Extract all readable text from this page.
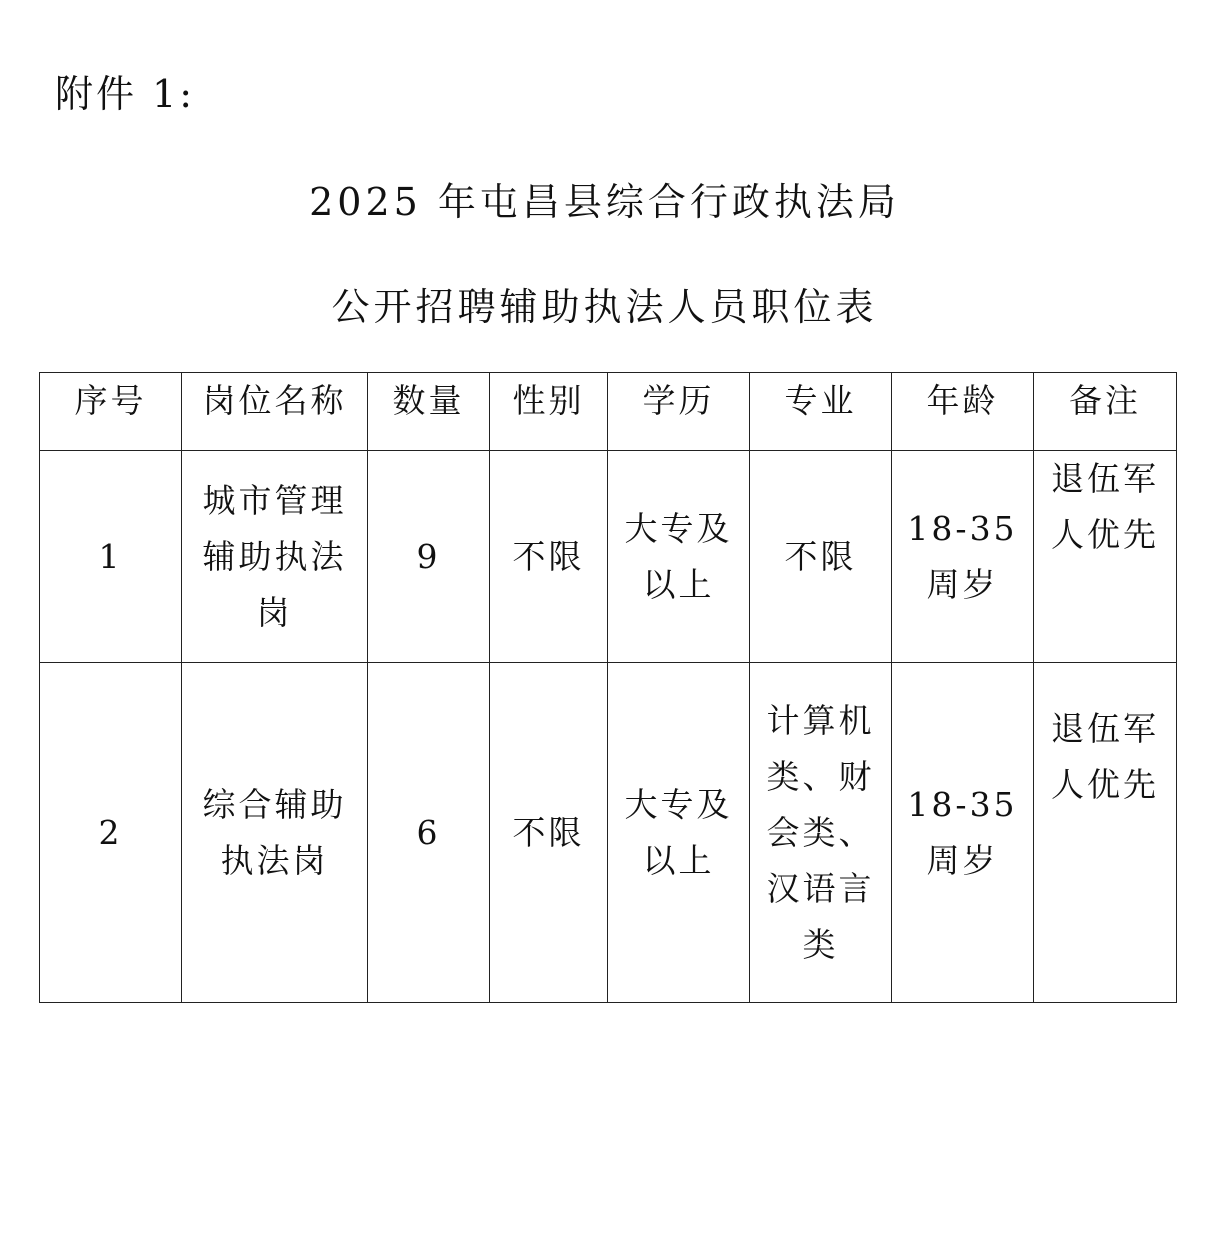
附件 1:

2025 年屯昌县综合行政执法局
公开招聘辅助执法人员职位表
序号	岗位名称	数量	性别	学历	专业	年龄	备注
1	城市管理辅助执法岗	9	不限	大专及以上	不限	18-35 周岁	退伍军人优先
2	综合辅助执法岗	6	不限	大专及以上	计算机类、财会类、汉语言类	18-35 周岁	退伍军人优先
